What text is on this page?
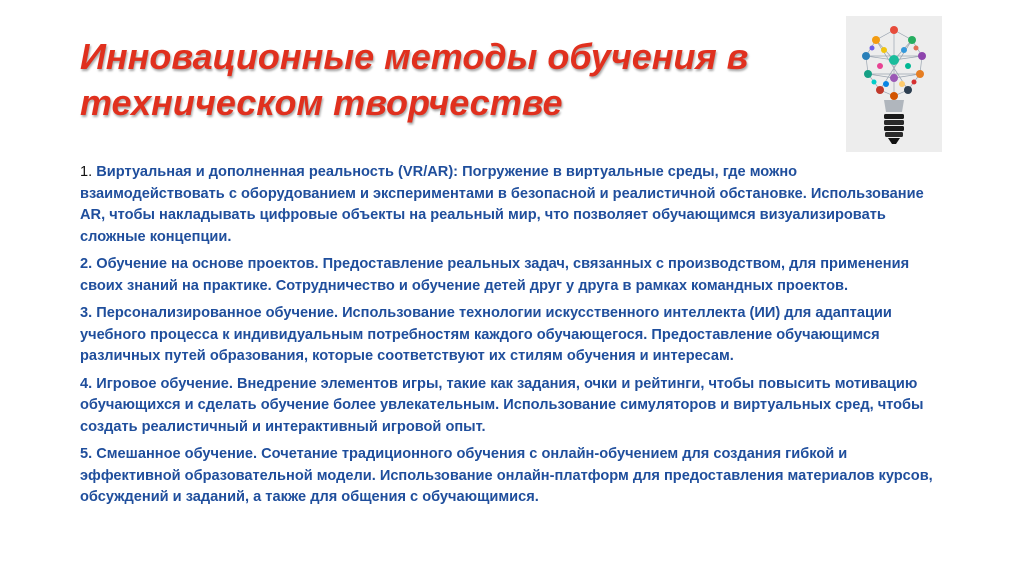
Инновационные методы обучения в
техническом творчестве

1. Виртуальная и дополненная реальность (VR/AR): Погружение в виртуальные среды, где можно взаимодействовать с оборудованием и экспериментами в безопасной и реалистичной обстановке. Использование AR, чтобы накладывать цифровые объекты на реальный мир, что позволяет обучающимся визуализировать сложные концепции.

2. Обучение на основе проектов. Предоставление реальных задач, связанных с производством, для применения своих знаний на практике. Сотрудничество и обучение детей друг у друга в рамках командных проектов.

3. Персонализированное обучение. Использование технологии искусственного интеллекта (ИИ) для адаптации учебного процесса к индивидуальным потребностям каждого обучающегося. Предоставление обучающимся различных путей образования, которые соответствуют их стилям обучения и интересам.

4. Игровое обучение. Внедрение элементов игры, такие как задания, очки и рейтинги, чтобы повысить мотивацию обучающихся и сделать обучение более увлекательным. Использование симуляторов и виртуальных сред, чтобы создать реалистичный и интерактивный игровой опыт.

5. Смешанное обучение. Сочетание традиционного обучения с онлайн-обучением для создания гибкой и эффективной образовательной модели. Использование онлайн-платформ для предоставления материалов курсов, обсуждений и заданий, а также для общения с обучающимися.
